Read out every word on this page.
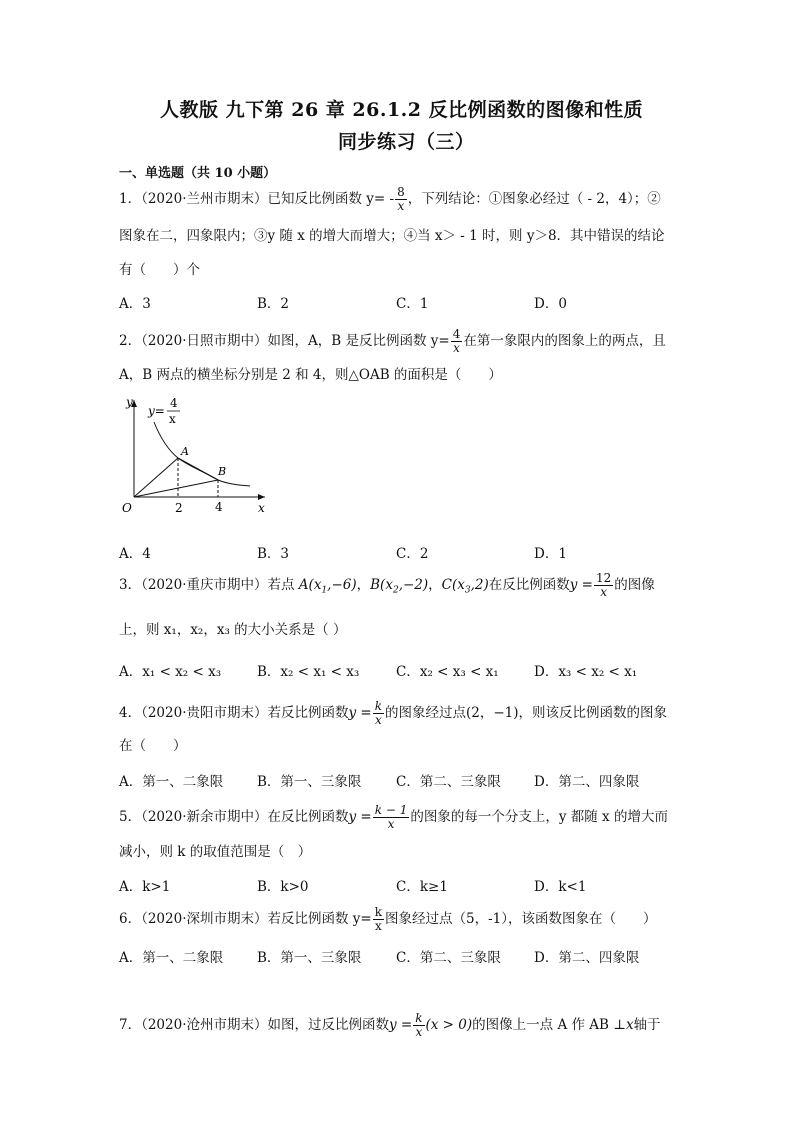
人教版 九下第 26 章 26.1.2 反比例函数的图像和性质
同步练习（三）
一、单选题（共 10 小题）
1．（2020·兰州市期末）已知反比例函数 $y= - \frac{8}{x}$ ，下列结论：①图象必经过（ - 2，4）；②
图象在二，四象限内；③y 随 x 的增大而增大；④当 x＞ - 1 时，则 y＞8．其中错误的结论
有（　　）个
A．3	B．2	C．1	D．0
2．（2020·日照市期中）如图，A，B 是反比例函数 $y= \frac{4}{x}$ 在第一象限内的图象上的两点，且
A，B 两点的横坐标分别是 2 和 4，则△OAB 的面积是（　　）
y
y=
4
x
A
B
O	2	4	x
A．4	B．3	C．2	D．1
3．（2020·重庆市期中）若点 $A(x_1,-6)$，$B(x_2,-2)$，$C(x_3,2)$在反比例函数$y = \frac{12}{x}$ 的图像
上，则 x₁，x₂，x₃ 的大小关系是（ ）
A．x₁ < x₂ < x₃	B．x₂ < x₁ < x₃	C．x₂ < x₃ < x₁	D．x₃ < x₂ < x₁
4．（2020·贵阳市期末）若反比例函数$y = \frac{k}{x}$ 的图象经过点(2，−1)，则该反比例函数的图象
在（　　）
A．第一、二象限	B．第一、三象限	C．第二、三象限 D．第二、四象限
5．（2020·新余市期中）在反比例函数$y = \frac{k - 1}{x}$ 的图象的每一个分支上，y 都随 x 的增大而
减小，则 k 的取值范围是（　）
A．k>1	B．k>0	C．k≥1	D．k<1
6．（2020·深圳市期末）若反比例函数 $y= \frac{k}{x}$ 图象经过点（5，-1），该函数图象在（　　）
A．第一、二象限	B．第一、三象限	C．第二、三象限 D．第二、四象限
7．（2020·沧州市期末）如图，过反比例函数$y = \frac{k}{x} (x > 0)$的图像上一点 A 作 AB ⊥x轴于
